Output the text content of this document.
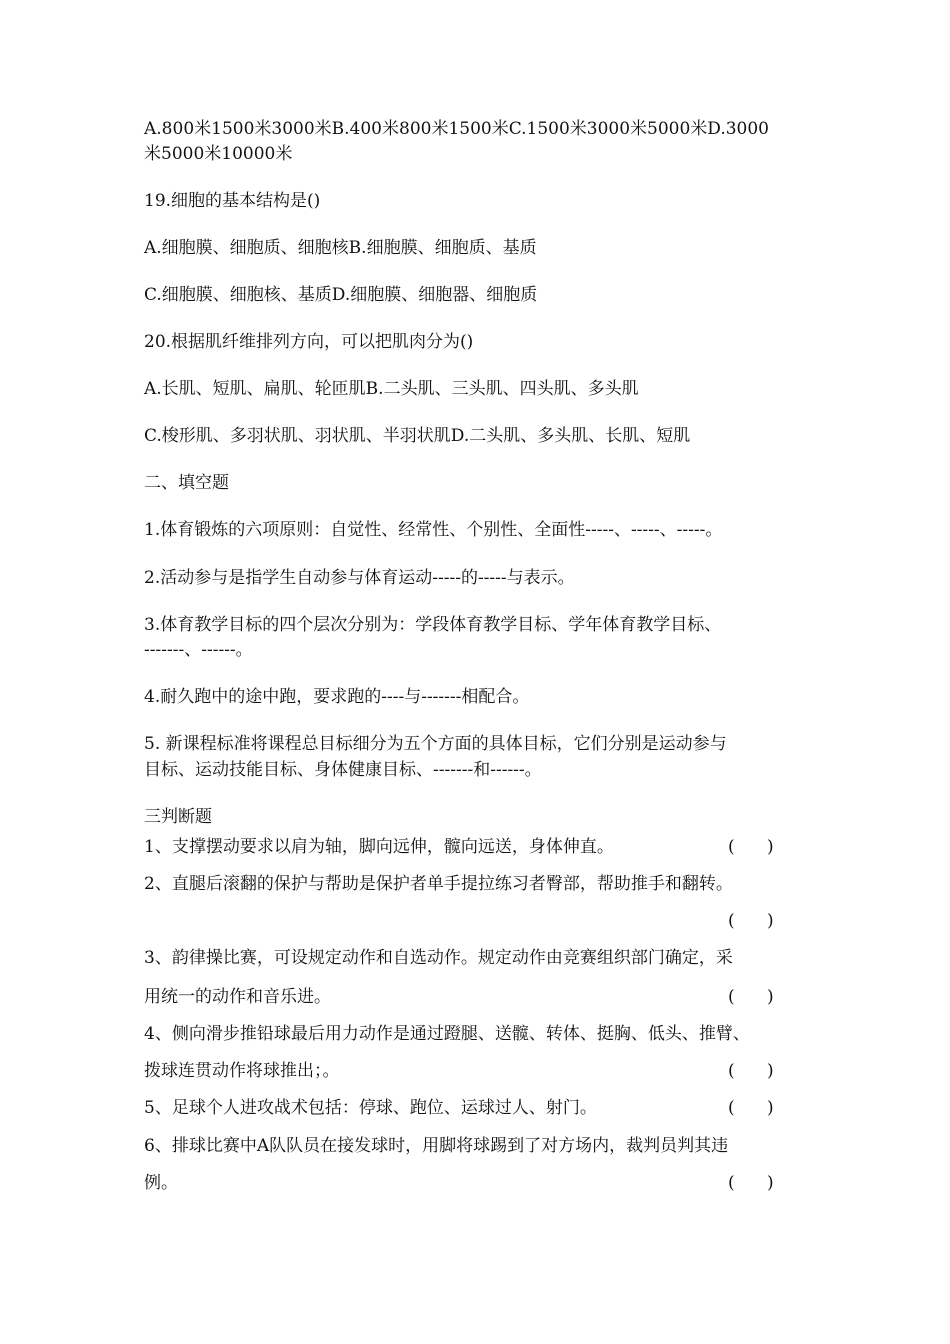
A.800米1500米3000米B.400米800米1500米C.1500米3000米5000米D.3000
米5000米10000米
19.细胞的基本结构是()
A.细胞膜、细胞质、细胞核B.细胞膜、细胞质、基质
C.细胞膜、细胞核、基质D.细胞膜、细胞器、细胞质
20.根据肌纤维排列方向，可以把肌肉分为()
A.长肌、短肌、扁肌、轮匝肌B.二头肌、三头肌、四头肌、多头肌
C.梭形肌、多羽状肌、羽状肌、半羽状肌D.二头肌、多头肌、长肌、短肌
二、填空题
1.体育锻炼的六项原则：自觉性、经常性、个别性、全面性-----、-----、-----。
2.活动参与是指学生自动参与体育运动-----的-----与表示。
3.体育教学目标的四个层次分别为：学段体育教学目标、学年体育教学目标、
-------、------。
4.耐久跑中的途中跑，要求跑的----与-------相配合。
5. 新课程标准将课程总目标细分为五个方面的具体目标，它们分别是运动参与
目标、运动技能目标、身体健康目标、-------和------。
三判断题
1、支撑摆动要求以肩为轴，脚向远伸，髋向远送，身体伸直。	(      )
2、直腿后滚翻的保护与帮助是保护者单手提拉练习者臀部，帮助推手和翻转。
(      )
3、韵律操比赛，可设规定动作和自选动作。规定动作由竞赛组织部门确定，采
用统一的动作和音乐进。	(      )
4、侧向滑步推铅球最后用力动作是通过蹬腿、送髋、转体、挺胸、低头、推臂、
拨球连贯动作将球推出；。	(      )
5、足球个人进攻战术包括：停球、跑位、运球过人、射门。	(      )
6、排球比赛中A队队员在接发球时，用脚将球踢到了对方场内，裁判员判其违
例。	(      )
